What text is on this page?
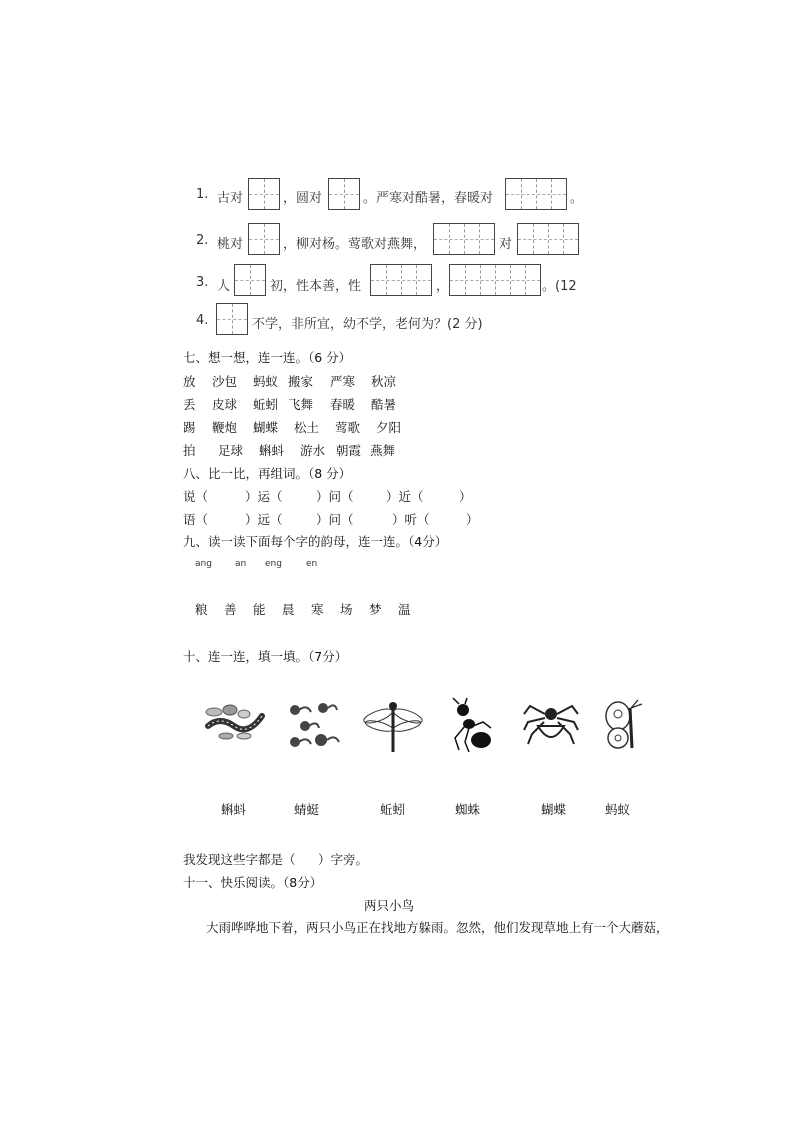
1. 古对	，圆对	。严寒对酷暑，春暖对	。
2. 桃对	，柳对杨。莺歌对燕舞，	对
3. 人	初，性本善，性	，	。(12
4.	不学，非所宜，幼不学，老何为？(2 分)
七、想一想，连一连。（6 分）
放 沙包 蚂蚁 搬家 严寒 秋凉
丢 皮球 蚯蚓 飞舞 春暖 酷暑
踢 鞭炮 蝴蝶 松土 莺歌 夕阳
拍 足球 蝌蚪 游水 朝霞 燕舞
八、比一比，再组词。（8 分）
说（	）运（	）问（	）近（	）
语（	）远（	）问（	）听（	）
九、读一读下面每个字的韵母，连一连。（4分）
ang	an eng	en
粮 善 能 晨 寒 场 梦 温
十、连一连，填一填。（7分）
蝌蚪	蜻蜓	蚯蚓	蜘蛛	蝴蝶	蚂蚁
我发现这些字都是（ ）字旁。
十一、快乐阅读。（8分）
两只小鸟
大雨哗哗地下着，两只小鸟正在找地方躲雨。忽然，他们发现草地上有一个大蘑菇，
